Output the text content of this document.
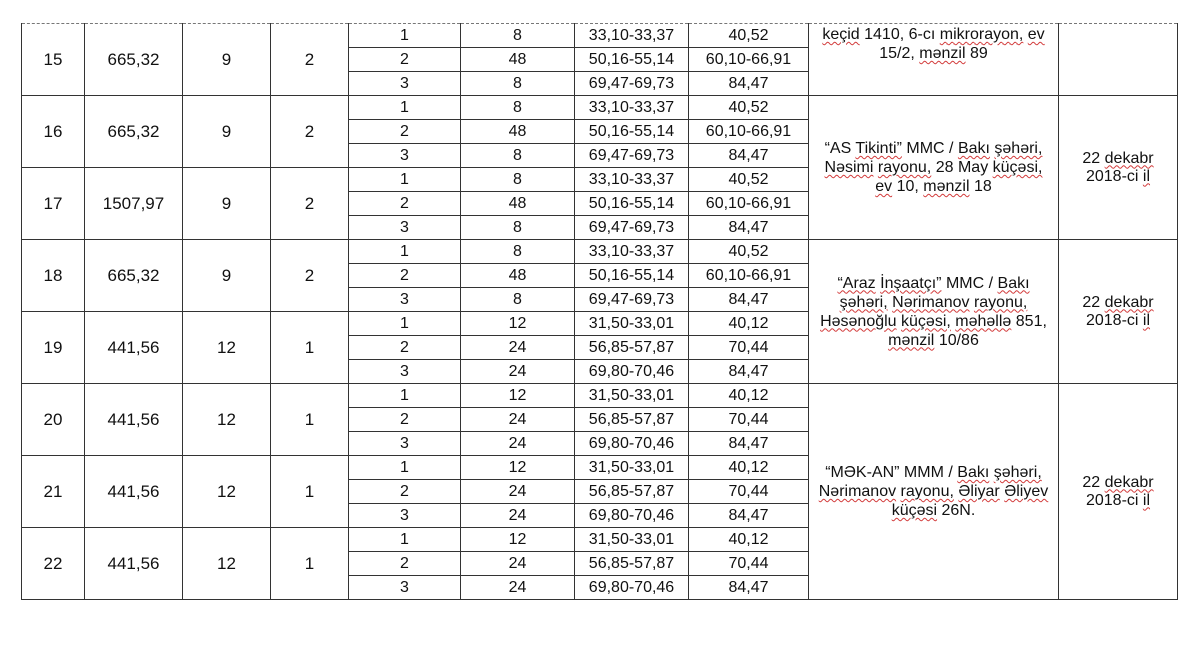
15	665,32	9	2	1	8	33,10-33,37	40,52	keçid 1410, 6-cı mikrorayon, ev 15/2, mənzil 89	
				2	48	50,16-55,14	60,10-66,91		
				3	8	69,47-69,73	84,47		
16	665,32	9	2	1	8	33,10-33,37	40,52	“AS Tikinti” MMC / Bakı şəhəri, Nəsimi rayonu, 28 May küçəsi, ev 10, mənzil 18	22 dekabr 2018-ci il
				2	48	50,16-55,14	60,10-66,91		
				3	8	69,47-69,73	84,47		
17	1507,97	9	2	1	8	33,10-33,37	40,52		
				2	48	50,16-55,14	60,10-66,91		
				3	8	69,47-69,73	84,47		
18	665,32	9	2	1	8	33,10-33,37	40,52	“Araz İnşaatçı” MMC / Bakı şəhəri, Nərimanov rayonu, Həsənoğlu küçəsi, məhəllə 851, mənzil 10/86	22 dekabr 2018-ci il
				2	48	50,16-55,14	60,10-66,91		
				3	8	69,47-69,73	84,47		
19	441,56	12	1	1	12	31,50-33,01	40,12		
				2	24	56,85-57,87	70,44		
				3	24	69,80-70,46	84,47		
20	441,56	12	1	1	12	31,50-33,01	40,12	“MƏK-AN” MMM / Bakı şəhəri, Nərimanov rayonu, Əliyar Əliyev küçəsi 26N.	22 dekabr 2018-ci il
				2	24	56,85-57,87	70,44		
				3	24	69,80-70,46	84,47		
21	441,56	12	1	1	12	31,50-33,01	40,12		
				2	24	56,85-57,87	70,44		
				3	24	69,80-70,46	84,47		
22	441,56	12	1	1	12	31,50-33,01	40,12		
				2	24	56,85-57,87	70,44		
				3	24	69,80-70,46	84,47		
